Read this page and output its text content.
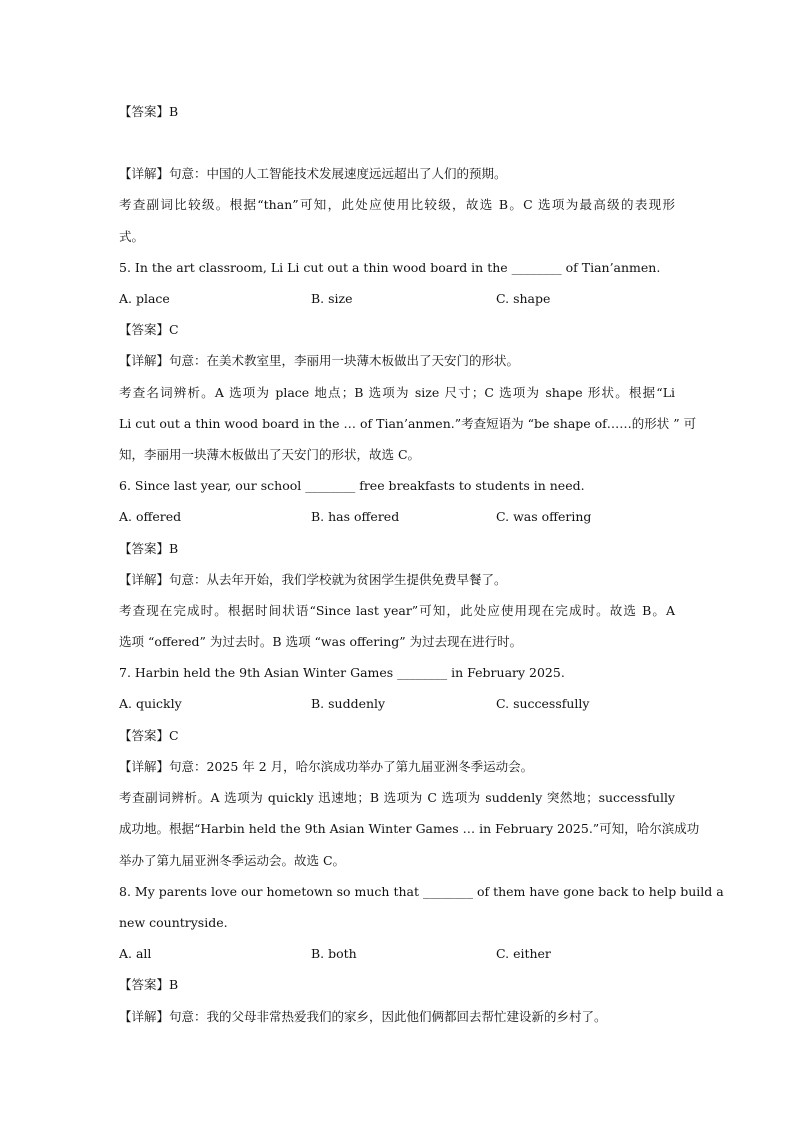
【答案】B
【详解】句意：中国的人工智能技术发展速度远远超出了人们的预期。
考查副词比较级。根据“than”可知，此处应使用比较级，故选 B。C 选项为最高级的表现形
式。
5. In the art classroom, Li Li cut out a thin wood board in the ________ of Tian’anmen.
A. place	B. size	C. shape
【答案】C
【详解】句意：在美术教室里，李丽用一块薄木板做出了天安门的形状。
考查名词辨析。A 选项为 place 地点；B 选项为 size 尺寸；C 选项为 shape 形状。根据“Li
Li cut out a thin wood board in the … of Tian’anmen.”考查短语为 “be shape of……的形状 ” 可
知，李丽用一块薄木板做出了天安门的形状，故选 C。
6. Since last year, our school ________ free breakfasts to students in need.
A. offered	B. has offered	C. was offering
【答案】B
【详解】句意：从去年开始，我们学校就为贫困学生提供免费早餐了。
考查现在完成时。根据时间状语“Since last year”可知，此处应使用现在完成时。故选 B。A
选项 “offered” 为过去时。B 选项 “was offering” 为过去现在进行时。
7. Harbin held the 9th Asian Winter Games ________ in February 2025.
A. quickly	B. suddenly	C. successfully
【答案】C
【详解】句意：2025 年 2 月，哈尔滨成功举办了第九届亚洲冬季运动会。
考查副词辨析。A 选项为 quickly 迅速地；B 选项为 C 选项为 suddenly 突然地；successfully
成功地。根据“Harbin held the 9th Asian Winter Games … in February 2025.”可知，哈尔滨成功
举办了第九届亚洲冬季运动会。故选 C。
8. My parents love our hometown so much that ________ of them have gone back to help build a
new countryside.
A. all	B. both	C. either
【答案】B
【详解】句意：我的父母非常热爱我们的家乡，因此他们俩都回去帮忙建设新的乡村了。
